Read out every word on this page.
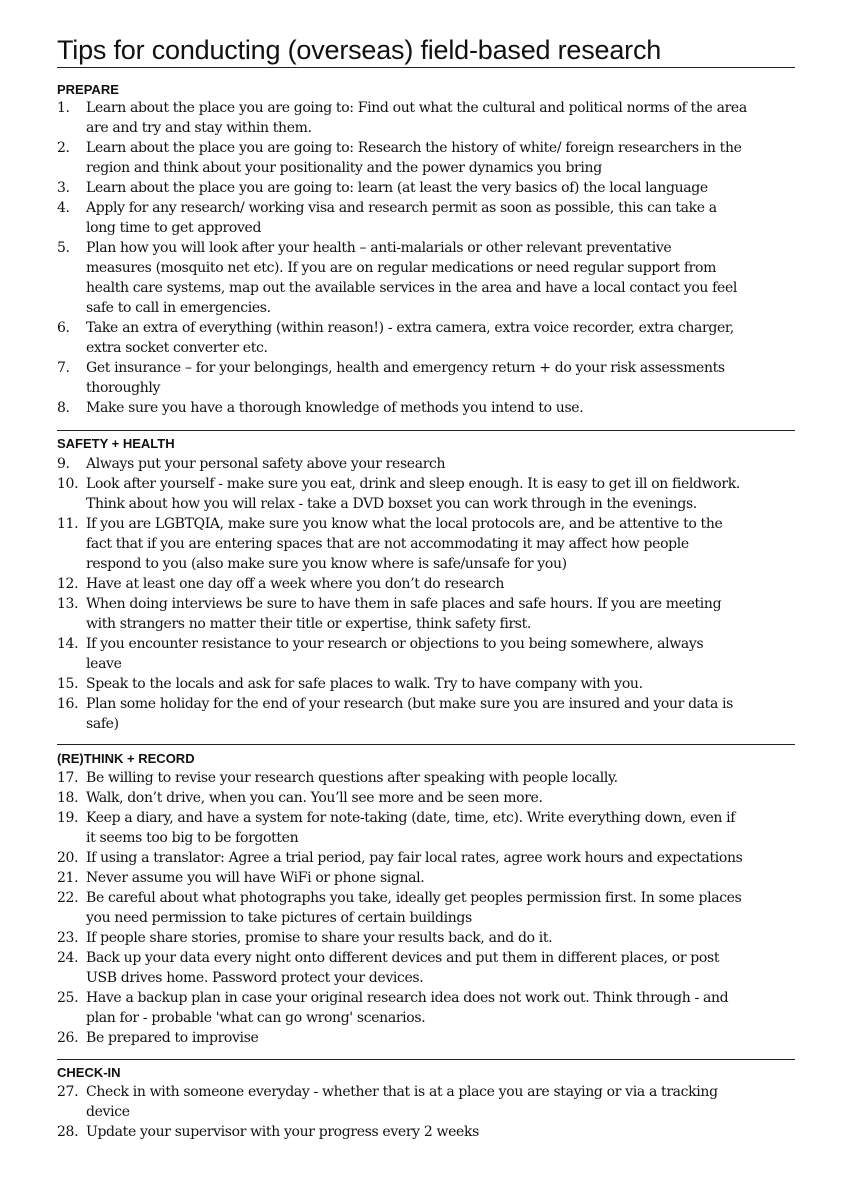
Tips for conducting (overseas) field-based research
PREPARE
1. Learn about the place you are going to: Find out what the cultural and political norms of the area
are and try and stay within them.
2. Learn about the place you are going to: Research the history of white/ foreign researchers in the
region and think about your positionality and the power dynamics you bring
3. Learn about the place you are going to: learn (at least the very basics of) the local language
4. Apply for any research/ working visa and research permit as soon as possible, this can take a
long time to get approved
5. Plan how you will look after your health – anti-malarials or other relevant preventative
measures (mosquito net etc). If you are on regular medications or need regular support from
health care systems, map out the available services in the area and have a local contact you feel
safe to call in emergencies.
6. Take an extra of everything (within reason!) - extra camera, extra voice recorder, extra charger,
extra socket converter etc.
7. Get insurance – for your belongings, health and emergency return + do your risk assessments
thoroughly
8. Make sure you have a thorough knowledge of methods you intend to use.
SAFETY + HEALTH
9. Always put your personal safety above your research
10. Look after yourself - make sure you eat, drink and sleep enough. It is easy to get ill on fieldwork.
Think about how you will relax - take a DVD boxset you can work through in the evenings.
11. If you are LGBTQIA, make sure you know what the local protocols are, and be attentive to the
fact that if you are entering spaces that are not accommodating it may affect how people
respond to you (also make sure you know where is safe/unsafe for you)
12. Have at least one day off a week where you don’t do research
13. When doing interviews be sure to have them in safe places and safe hours. If you are meeting
with strangers no matter their title or expertise, think safety first.
14. If you encounter resistance to your research or objections to you being somewhere, always
leave
15. Speak to the locals and ask for safe places to walk. Try to have company with you.
16. Plan some holiday for the end of your research (but make sure you are insured and your data is
safe)
(RE)THINK + RECORD
17. Be willing to revise your research questions after speaking with people locally.
18. Walk, don’t drive, when you can. You’ll see more and be seen more.
19. Keep a diary, and have a system for note-taking (date, time, etc). Write everything down, even if
it seems too big to be forgotten
20. If using a translator: Agree a trial period, pay fair local rates, agree work hours and expectations
21. Never assume you will have WiFi or phone signal.
22. Be careful about what photographs you take, ideally get peoples permission first. In some places
you need permission to take pictures of certain buildings
23. If people share stories, promise to share your results back, and do it.
24. Back up your data every night onto different devices and put them in different places, or post
USB drives home. Password protect your devices.
25. Have a backup plan in case your original research idea does not work out. Think through - and
plan for - probable 'what can go wrong' scenarios.
26. Be prepared to improvise
CHECK-IN
27. Check in with someone everyday - whether that is at a place you are staying or via a tracking
device
28. Update your supervisor with your progress every 2 weeks
